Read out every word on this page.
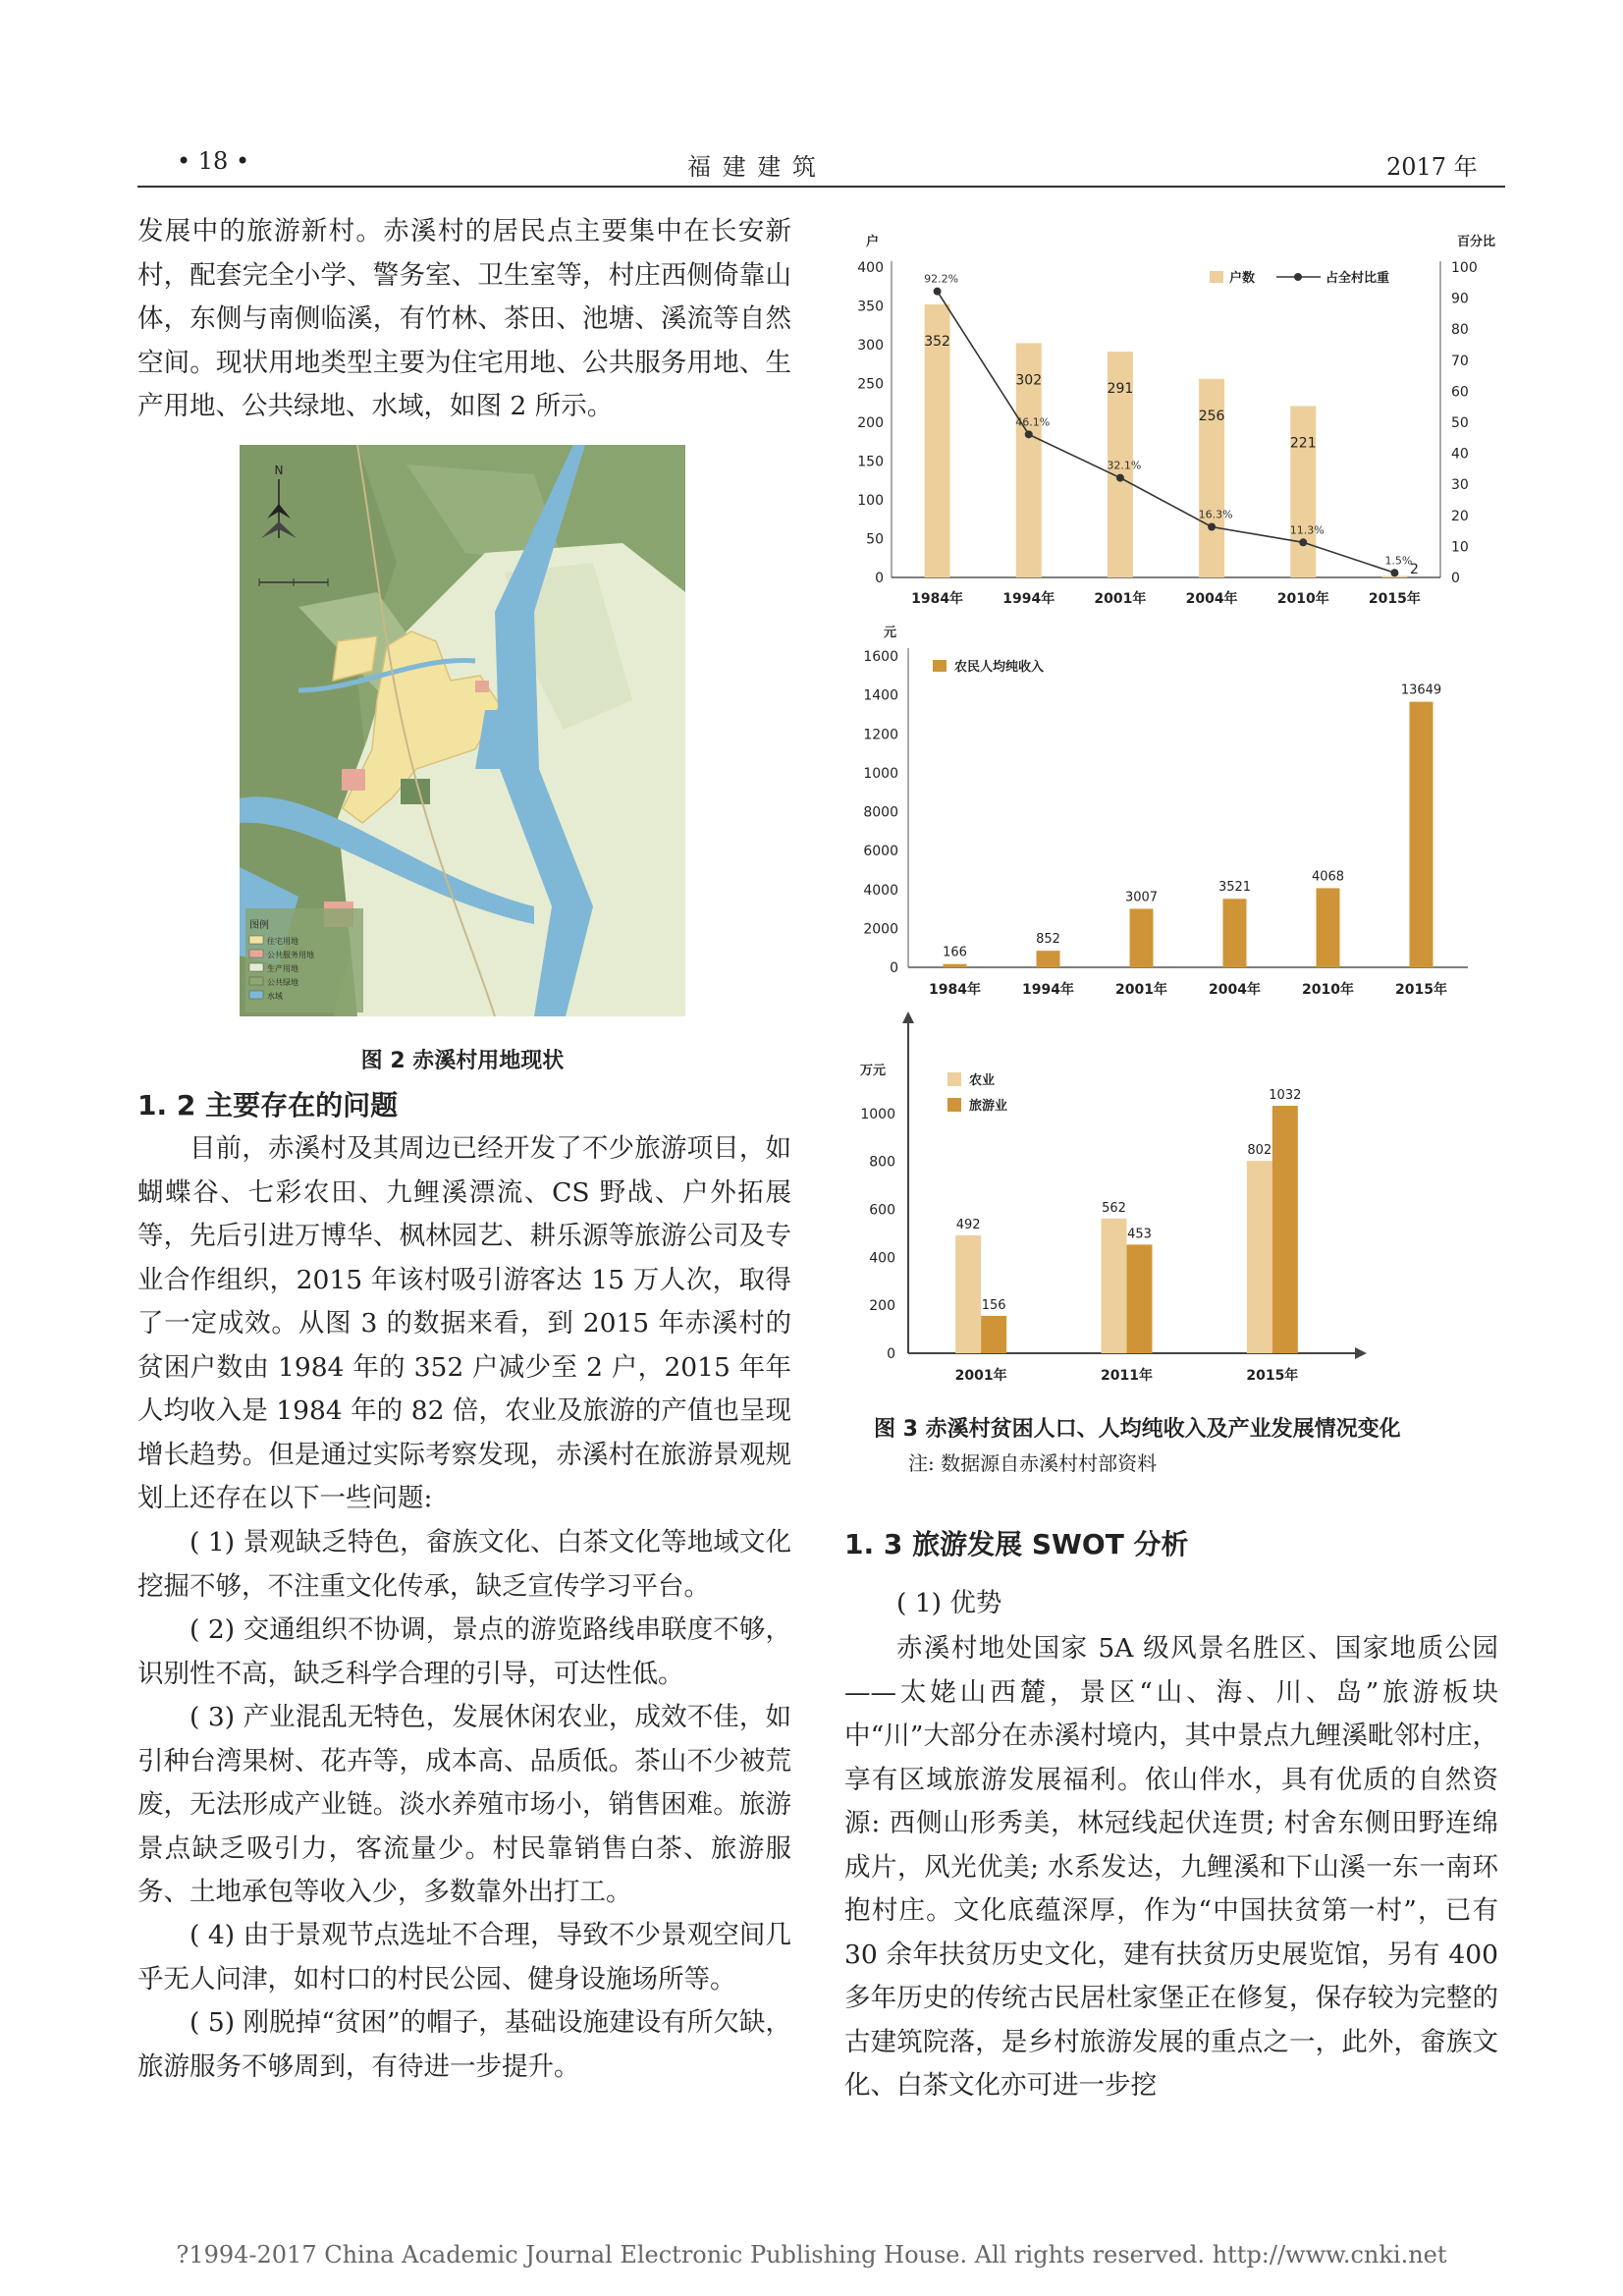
• 18 •	福 建 建 筑	2017 年

发展中的旅游新村。赤溪村的居民点主要集中在长安新村，配套完全小学、警务室、卫生室等，村庄西侧倚靠山体，东侧与南侧临溪，有竹林、茶田、池塘、溪流等自然空间。现状用地类型主要为住宅用地、公共服务用地、生产用地、公共绿地、水域，如图 2 所示。

N
图例
住宅用地
公共服务用地
生产用地
公共绿地
水域
图 2 赤溪村用地现状
1. 2 主要存在的问题

目前，赤溪村及其周边已经开发了不少旅游项目，如蝴蝶谷、七彩农田、九鲤溪漂流、CS 野战、户外拓展等，先后引进万博华、枫林园艺、耕乐源等旅游公司及专业合作组织，2015 年该村吸引游客达 15 万人次，取得了一定成效。从图 3 的数据来看，到 2015 年赤溪村的贫困户数由 1984 年的 352 户减少至 2 户，2015 年年人均收入是 1984 年的 82 倍，农业及旅游的产值也呈现增长趋势。但是通过实际考察发现，赤溪村在旅游景观规划上还存在以下一些问题:

( 1) 景观缺乏特色，畲族文化、白茶文化等地域文化挖掘不够，不注重文化传承，缺乏宣传学习平台。

( 2) 交通组织不协调，景点的游览路线串联度不够，识别性不高，缺乏科学合理的引导，可达性低。

( 3) 产业混乱无特色，发展休闲农业，成效不佳，如引种台湾果树、花卉等，成本高、品质低。茶山不少被荒废，无法形成产业链。淡水养殖市场小，销售困难。旅游景点缺乏吸引力，客流量少。村民靠销售白茶、旅游服务、土地承包等收入少，多数靠外出打工。

( 4) 由于景观节点选址不合理，导致不少景观空间几乎无人问津，如村口的村民公园、健身设施场所等。

( 5) 刚脱掉“贫困”的帽子，基础设施建设有所欠缺，旅游服务不够周到，有待进一步提升。

户	百分比
0
50
100
150
200
250
300
350
400
0
10
20
30
40
50
60
70
80
90
100
352
1984年
302
1994年
291
2001年
256
2004年
221
2010年
2
2015年
92.2%
46.1%
32.1%
16.3%
11.3%
1.5%
户数	占全村比重
元
0
2000
4000
6000
8000
1000
1200
1400
1600
166
1984年
852
1994年
3007
2001年
3521
2004年
4068
2010年
13649
2015年
农民人均纯收入
万元
0
200
400
600
800
1000
492
156
2001年
562
453
2011年
802
1032
2015年
农业
旅游业
图 3 赤溪村贫困人口、人均纯收入及产业发展情况变化
注: 数据源自赤溪村村部资料
1. 3 旅游发展 SWOT 分析
( 1) 优势

赤溪村地处国家 5A 级风景名胜区、国家地质公园——太姥山西麓，景区“山、海、川、岛”旅游板块中“川”大部分在赤溪村境内，其中景点九鲤溪毗邻村庄，享有区域旅游发展福利。依山伴水，具有优质的自然资源: 西侧山形秀美，林冠线起伏连贯; 村舍东侧田野连绵成片，风光优美; 水系发达，九鲤溪和下山溪一东一南环抱村庄。文化底蕴深厚，作为“中国扶贫第一村”，已有 30 余年扶贫历史文化，建有扶贫历史展览馆，另有 400 多年历史的传统古民居杜家堡正在修复，保存较为完整的古建筑院落，是乡村旅游发展的重点之一，此外，畲族文化、白茶文化亦可进一步挖

?1994-2017 China Academic Journal Electronic Publishing House. All rights reserved. http://www.cnki.net
